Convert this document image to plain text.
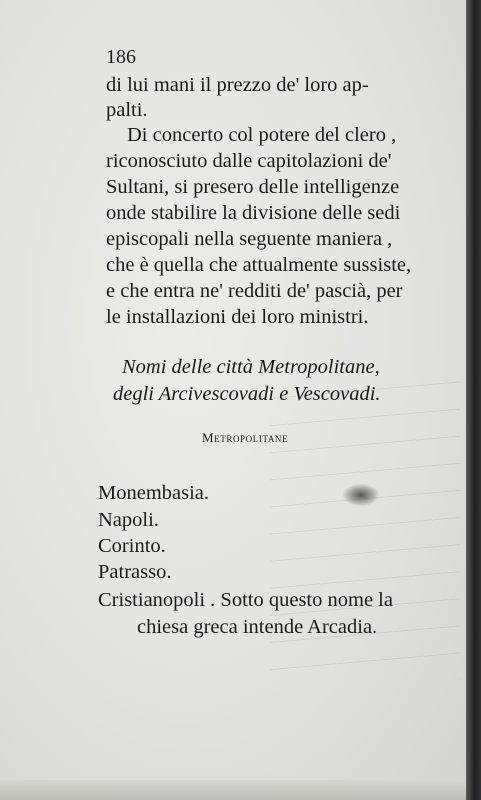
186
di lui mani il prezzo de' loro ap-
palti.
Di concerto col potere del clero ,
riconosciuto dalle capitolazioni de'
Sultani, si presero delle intelligenze
onde stabilire la divisione delle sedi
episcopali nella seguente maniera ,
che è quella che attualmente sussiste,
e che entra ne' redditi de' pascià, per
le installazioni dei loro ministri.
Nomi delle città Metropolitane,
degli Arcivescovadi e Vescovadi.
Metropolitane
Monembasia.
Napoli.
Corinto.
Patrasso.
Cristianopoli . Sotto questo nome la
chiesa greca intende Arcadia.
